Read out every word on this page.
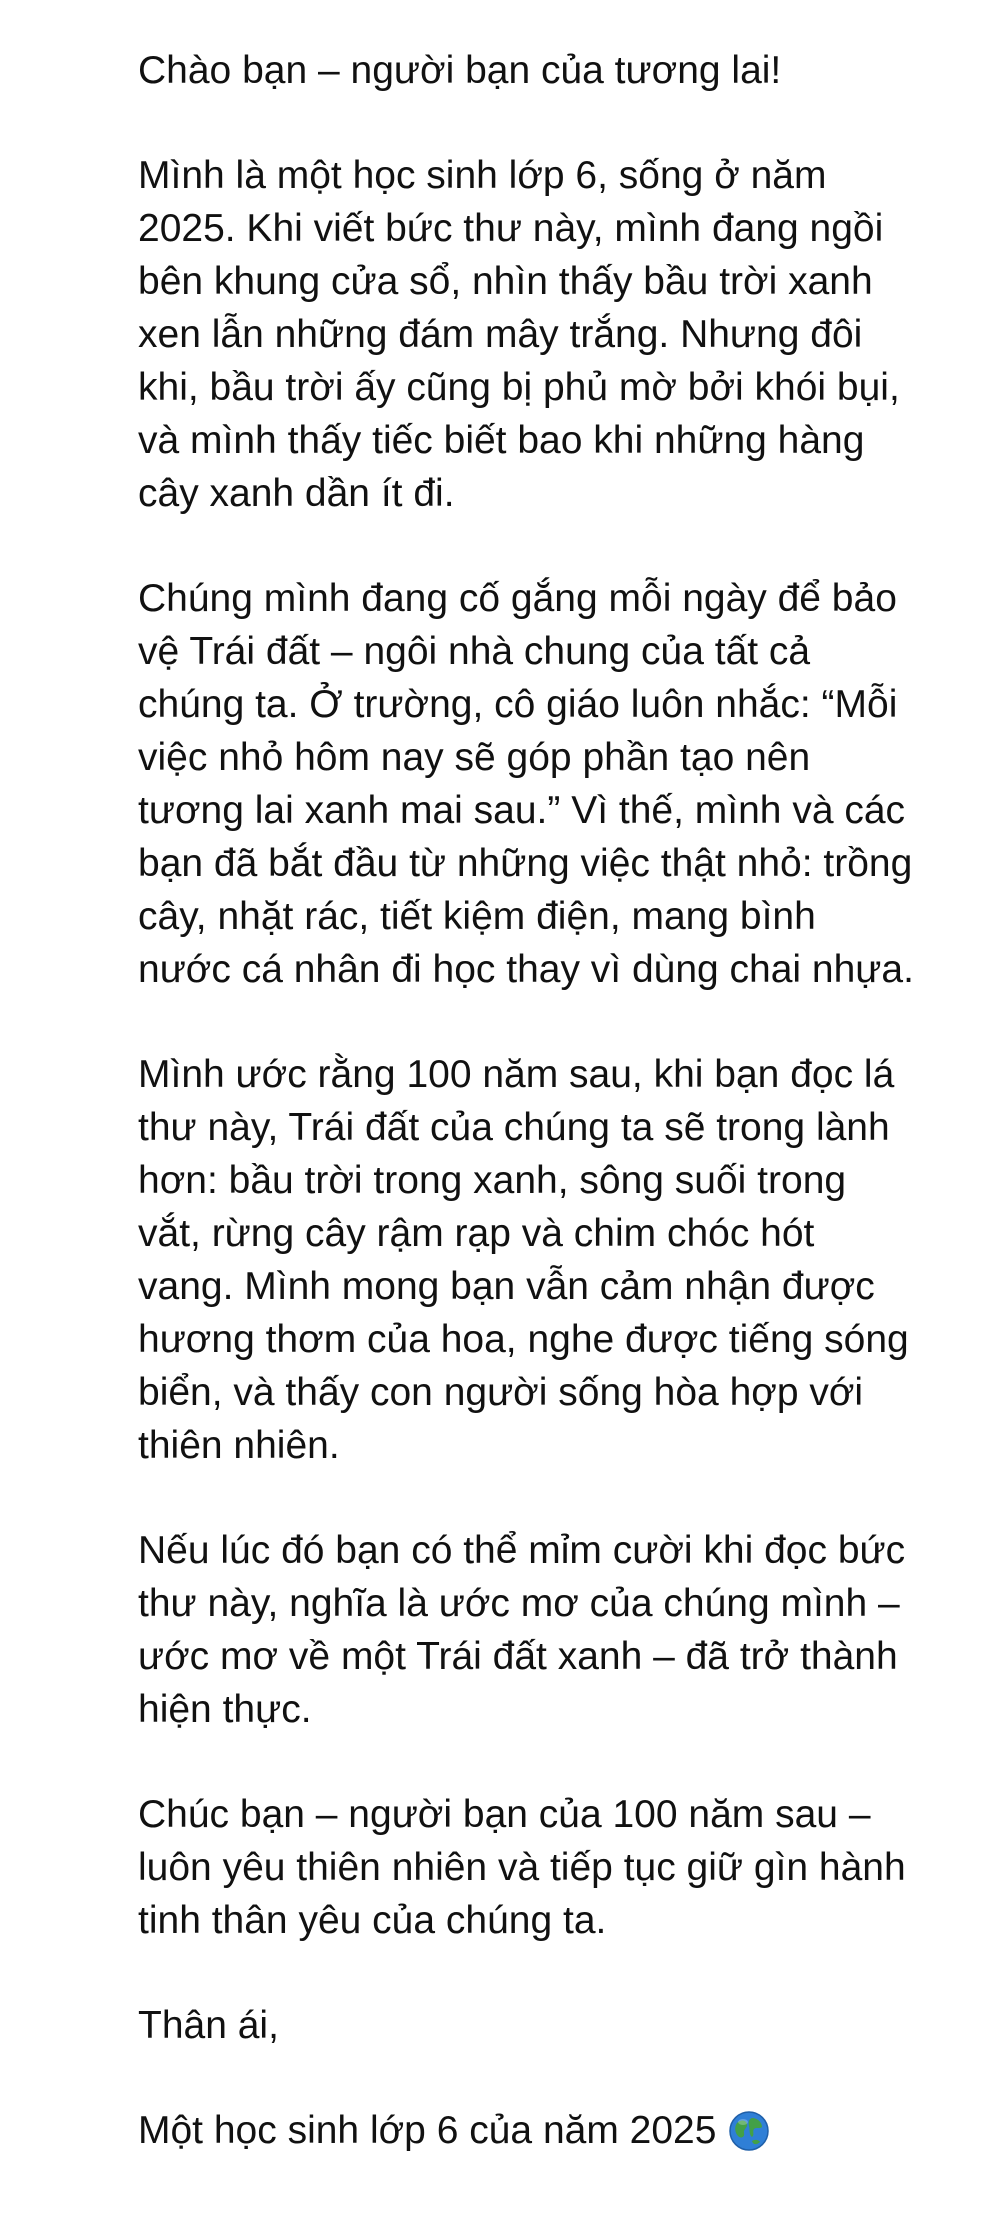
Chào bạn – người bạn của tương lai!

Mình là một học sinh lớp 6, sống ở năm 2025. Khi viết bức thư này, mình đang ngồi bên khung cửa sổ, nhìn thấy bầu trời xanh xen lẫn những đám mây trắng. Nhưng đôi khi, bầu trời ấy cũng bị phủ mờ bởi khói bụi, và mình thấy tiếc biết bao khi những hàng cây xanh dần ít đi.

Chúng mình đang cố gắng mỗi ngày để bảo vệ Trái đất – ngôi nhà chung của tất cả chúng ta. Ở trường, cô giáo luôn nhắc: “Mỗi việc nhỏ hôm nay sẽ góp phần tạo nên tương lai xanh mai sau.” Vì thế, mình và các bạn đã bắt đầu từ những việc thật nhỏ: trồng cây, nhặt rác, tiết kiệm điện, mang bình nước cá nhân đi học thay vì dùng chai nhựa.

Mình ước rằng 100 năm sau, khi bạn đọc lá thư này, Trái đất của chúng ta sẽ trong lành hơn: bầu trời trong xanh, sông suối trong vắt, rừng cây rậm rạp và chim chóc hót vang. Mình mong bạn vẫn cảm nhận được hương thơm của hoa, nghe được tiếng sóng biển, và thấy con người sống hòa hợp với thiên nhiên.

Nếu lúc đó bạn có thể mỉm cười khi đọc bức thư này, nghĩa là ước mơ của chúng mình – ước mơ về một Trái đất xanh – đã trở thành hiện thực.

Chúc bạn – người bạn của 100 năm sau – luôn yêu thiên nhiên và tiếp tục giữ gìn hành tinh thân yêu của chúng ta.

Thân ái,

Một học sinh lớp 6 của năm 2025
